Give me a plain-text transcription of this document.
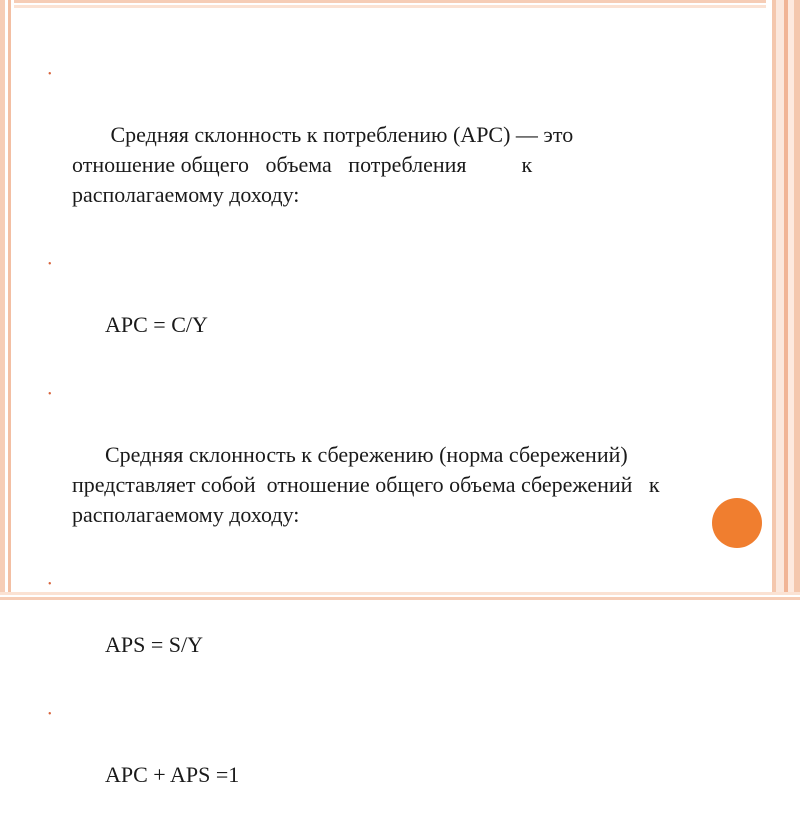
•

Средняя склонность к потреблению (APC) — это отношение общего   объема   потребления          к располагаемому доходу:

•

APC = C/Y

•

Средняя склонность к сбережению (норма сбережений) представляет собой  отношение общего объема сбережений   к располагаемому доходу:

•

APS = S/Y

•

APC + APS =1
